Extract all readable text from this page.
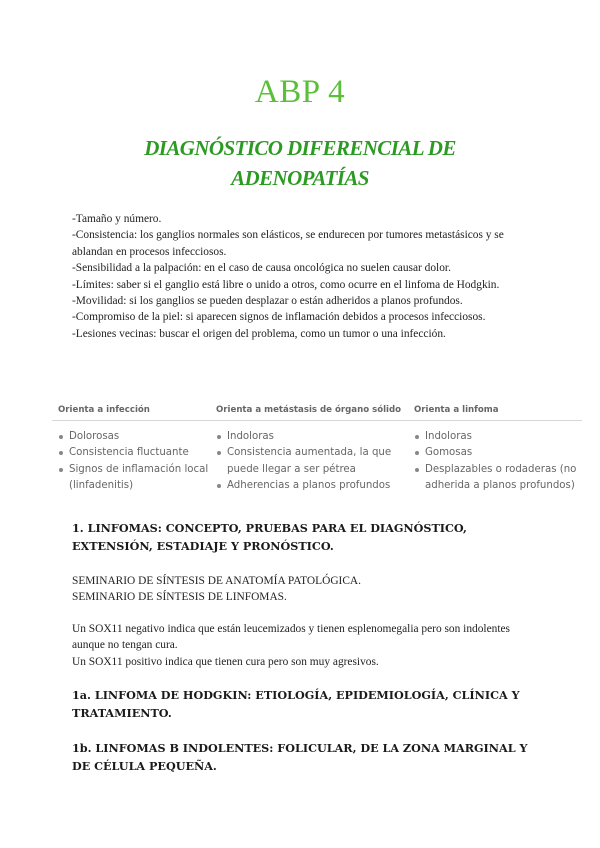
ABP 4
DIAGNÓSTICO DIFERENCIAL DE
ADENOPATÍAS

-Tamaño y número.

-Consistencia: los ganglios normales son elásticos, se endurecen por tumores metastásicos y se ablandan en procesos infecciosos.

-Sensibilidad a la palpación: en el caso de causa oncológica no suelen causar dolor.

-Límites: saber si el ganglio está libre o unido a otros, como ocurre en el linfoma de Hodgkin.

-Movilidad: si los ganglios se pueden desplazar o están adheridos a planos profundos.

-Compromiso de la piel: si aparecen signos de inflamación debidos a procesos infecciosos.

-Lesiones vecinas: buscar el origen del problema, como un tumor o una infección.

Orienta a infección	Orienta a metástasis de órgano sólido	Orienta a linfoma
Dolorosas
Consistencia fluctuante
Signos de inflamación local (linfadenitis)
Indoloras
Consistencia aumentada, la que puede llegar a ser pétrea
Adherencias a planos profundos
Indoloras
Gomosas
Desplazables o rodaderas (no adherida a planos profundos)
1. LINFOMAS: CONCEPTO, PRUEBAS PARA EL DIAGNÓSTICO, EXTENSIÓN, ESTADIAJE Y PRONÓSTICO.

SEMINARIO DE SÍNTESIS DE ANATOMÍA PATOLÓGICA.

SEMINARIO DE SÍNTESIS DE LINFOMAS.

Un SOX11 negativo indica que están leucemizados y tienen esplenomegalia pero son indolentes aunque no tengan cura.

Un SOX11 positivo indica que tienen cura pero son muy agresivos.

1a. LINFOMA DE HODGKIN: ETIOLOGÍA, EPIDEMIOLOGÍA, CLÍNICA Y TRATAMIENTO.
1b. LINFOMAS B INDOLENTES: FOLICULAR, DE LA ZONA MARGINAL Y DE CÉLULA PEQUEÑA.
